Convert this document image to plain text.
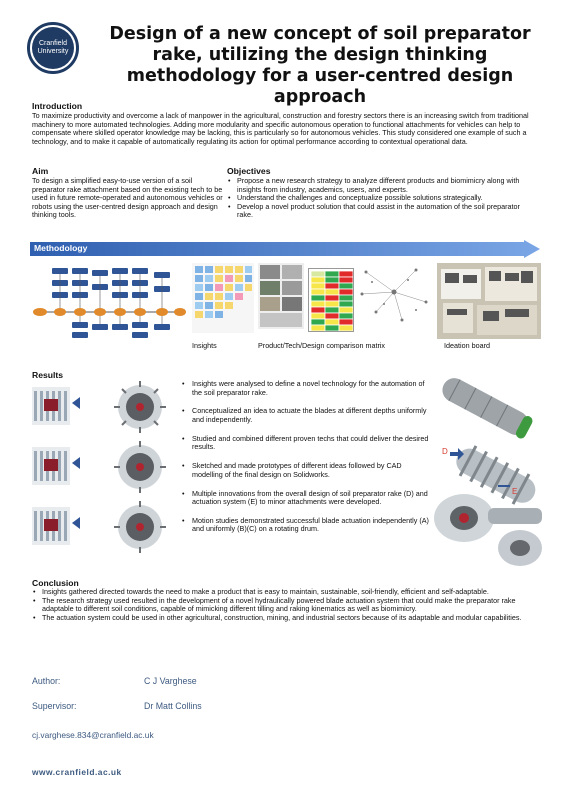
Cranfield
University
Design of a new concept of soil preparator rake, utilizing the design thinking methodology for a user-centred design approach
Introduction
To maximize productivity and overcome a lack of manpower in the agricultural, construction and forestry sectors there is an increasing switch from traditional machinery to more automated technologies. Adding more modularity and specific autonomous operation to functional attachments for vehicles can help to compensate where skilled operator knowledge may be lacking, this is particularly so for autonomous vehicles. This study considered one example of such a technology, and to make it capable of automatically regulating its action for optimal performance according to contextual operational data.
Aim
To design a simplified easy-to-use version of a soil preparator rake attachment based on the existing tech to be used in future remote-operated and autonomous vehicles or robots using the user-centred design approach and design thinking tools.
Objectives
• Propose a new research strategy to analyze different products and biomimicry along with insights from industry, academics, users, and experts.
• Understand the challenges and conceptualize possible solutions strategically.
• Develop a novel product solution that could assist in the automation of the soil preparator rake.
Methodology
Insights	Product/Tech/Design comparison matrix	Ideation board
Results
A
B
C
• Insights were analysed to define a novel technology for the automation of the soil preparator rake.
• Conceptualized an idea to actuate the blades at different depths uniformly and independently.
• Studied and combined different proven techs that could deliver the desired results.
• Sketched and made prototypes of different ideas followed by CAD modelling of the final design on Solidworks.
• Multiple innovations from the overall design of soil preparator rake (D) and actuation system (E) to minor attachments were developed.
• Motion studies demonstrated successful blade actuation independently (A) and uniformly (B)(C) on a rotating drum.
D
E
Conclusion
• Insights gathered directed towards the need to make a product that is easy to maintain, sustainable, soil-friendly, efficient and self-adaptable.
• The research strategy used resulted in the development of a novel hydraulically powered blade actuation system that could make the preparator rake adaptable to different soil conditions, capable of mimicking different tilling and raking kinematics as well as biomimicry.
• The actuation system could be used in other agricultural, construction, mining, and industrial sectors because of its adaptable and modular capabilities.
Author:	C J Varghese
Supervisor:	Dr Matt Collins
cj.varghese.834@cranfield.ac.uk
www.cranfield.ac.uk
